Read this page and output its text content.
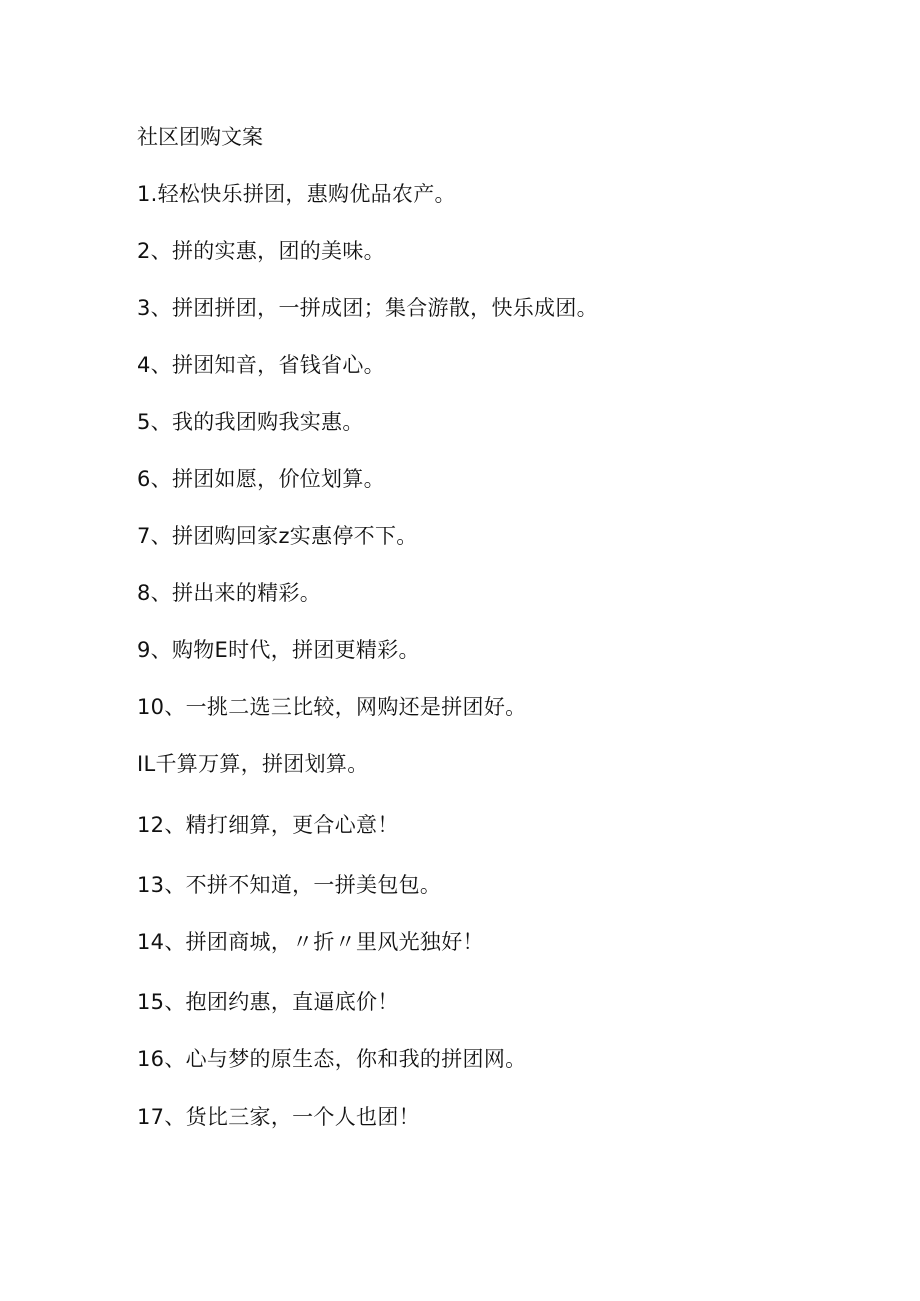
社区团购文案
1.轻松快乐拼团，惠购优品农产。
2、拼的实惠，团的美味。
3、拼团拼团，一拼成团；集合游散，快乐成团。
4、拼团知音，省钱省心。
5、我的我团购我实惠。
6、拼团如愿，价位划算。
7、拼团购回家z实惠停不下。
8、拼出来的精彩。
9、购物E时代，拼团更精彩。
10、一挑二选三比较，网购还是拼团好。
IL千算万算，拼团划算。
12、精打细算，更合心意！
13、不拼不知道，一拼美包包。
14、拼团商城，〃折〃里风光独好！
15、抱团约惠，直逼底价！
16、心与梦的原生态，你和我的拼团网。
17、货比三家，一个人也团！
